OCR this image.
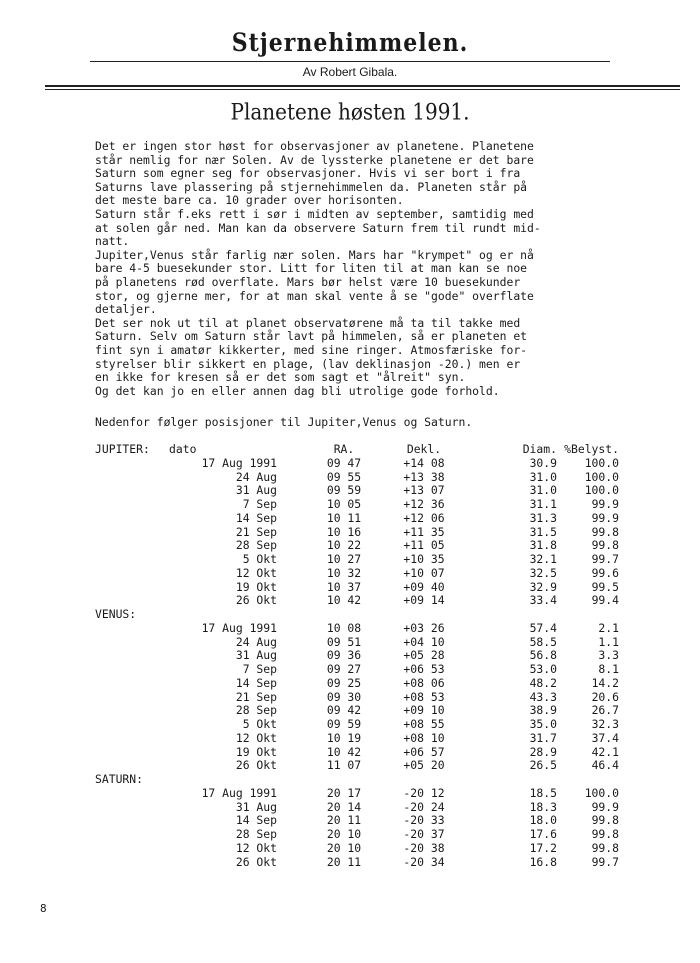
Stjernehimmelen.
Av Robert Gibala.
Planetene høsten 1991.
Det er ingen stor høst for observasjoner av planetene. Planetene
står nemlig for nær Solen. Av de lyssterke planetene er det bare
Saturn som egner seg for observasjoner. Hvis vi ser bort i fra
Saturns lave plassering på stjernehimmelen da. Planeten står på
det meste bare ca. 10 grader over horisonten.
Saturn står f.eks rett i sør i midten av september, samtidig med
at solen går ned. Man kan da observere Saturn frem til rundt mid-
natt.
Jupiter,Venus står farlig nær solen. Mars har "krympet" og er nå
bare 4-5 buesekunder stor. Litt for liten til at man kan se noe
på planetens rød overflate. Mars bør helst være 10 buesekunder
stor, og gjerne mer, for at man skal vente å se "gode" overflate
detaljer.
Det ser nok ut til at planet observatørene må ta til takke med
Saturn. Selv om Saturn står lavt på himmelen, så er planeten et
fint syn i amatør kikkerter, med sine ringer. Atmosfæriske for-
styrelser blir sikkert en plage, (lav deklinasjon -20.) men er
en ikke for kresen så er det som sagt et "ålreit" syn.
Og det kan jo en eller annen dag bli utrolige gode forhold.
Nedenfor følger posisjoner til Jupiter,Venus og Saturn.
JUPITER:	dato	RA.	Dekl.	Diam.	%Belyst.
	17 Aug 1991	09 47	+14 08	30.9	100.0
	24 Aug	09 55	+13 38	31.0	100.0
	31 Aug	09 59	+13 07	31.0	100.0
	7 Sep	10 05	+12 36	31.1	99.9
	14 Sep	10 11	+12 06	31.3	99.9
	21 Sep	10 16	+11 35	31.5	99.8
	28 Sep	10 22	+11 05	31.8	99.8
	5 Okt	10 27	+10 35	32.1	99.7
	12 Okt	10 32	+10 07	32.5	99.6
	19 Okt	10 37	+09 40	32.9	99.5
	26 Okt	10 42	+09 14	33.4	99.4
VENUS:					
	17 Aug 1991	10 08	+03 26	57.4	2.1
	24 Aug	09 51	+04 10	58.5	1.1
	31 Aug	09 36	+05 28	56.8	3.3
	7 Sep	09 27	+06 53	53.0	8.1
	14 Sep	09 25	+08 06	48.2	14.2
	21 Sep	09 30	+08 53	43.3	20.6
	28 Sep	09 42	+09 10	38.9	26.7
	5 Okt	09 59	+08 55	35.0	32.3
	12 Okt	10 19	+08 10	31.7	37.4
	19 Okt	10 42	+06 57	28.9	42.1
	26 Okt	11 07	+05 20	26.5	46.4
SATURN:					
	17 Aug 1991	20 17	-20 12	18.5	100.0
	31 Aug	20 14	-20 24	18.3	99.9
	14 Sep	20 11	-20 33	18.0	99.8
	28 Sep	20 10	-20 37	17.6	99.8
	12 Okt	20 10	-20 38	17.2	99.8
	26 Okt	20 11	-20 34	16.8	99.7
8
